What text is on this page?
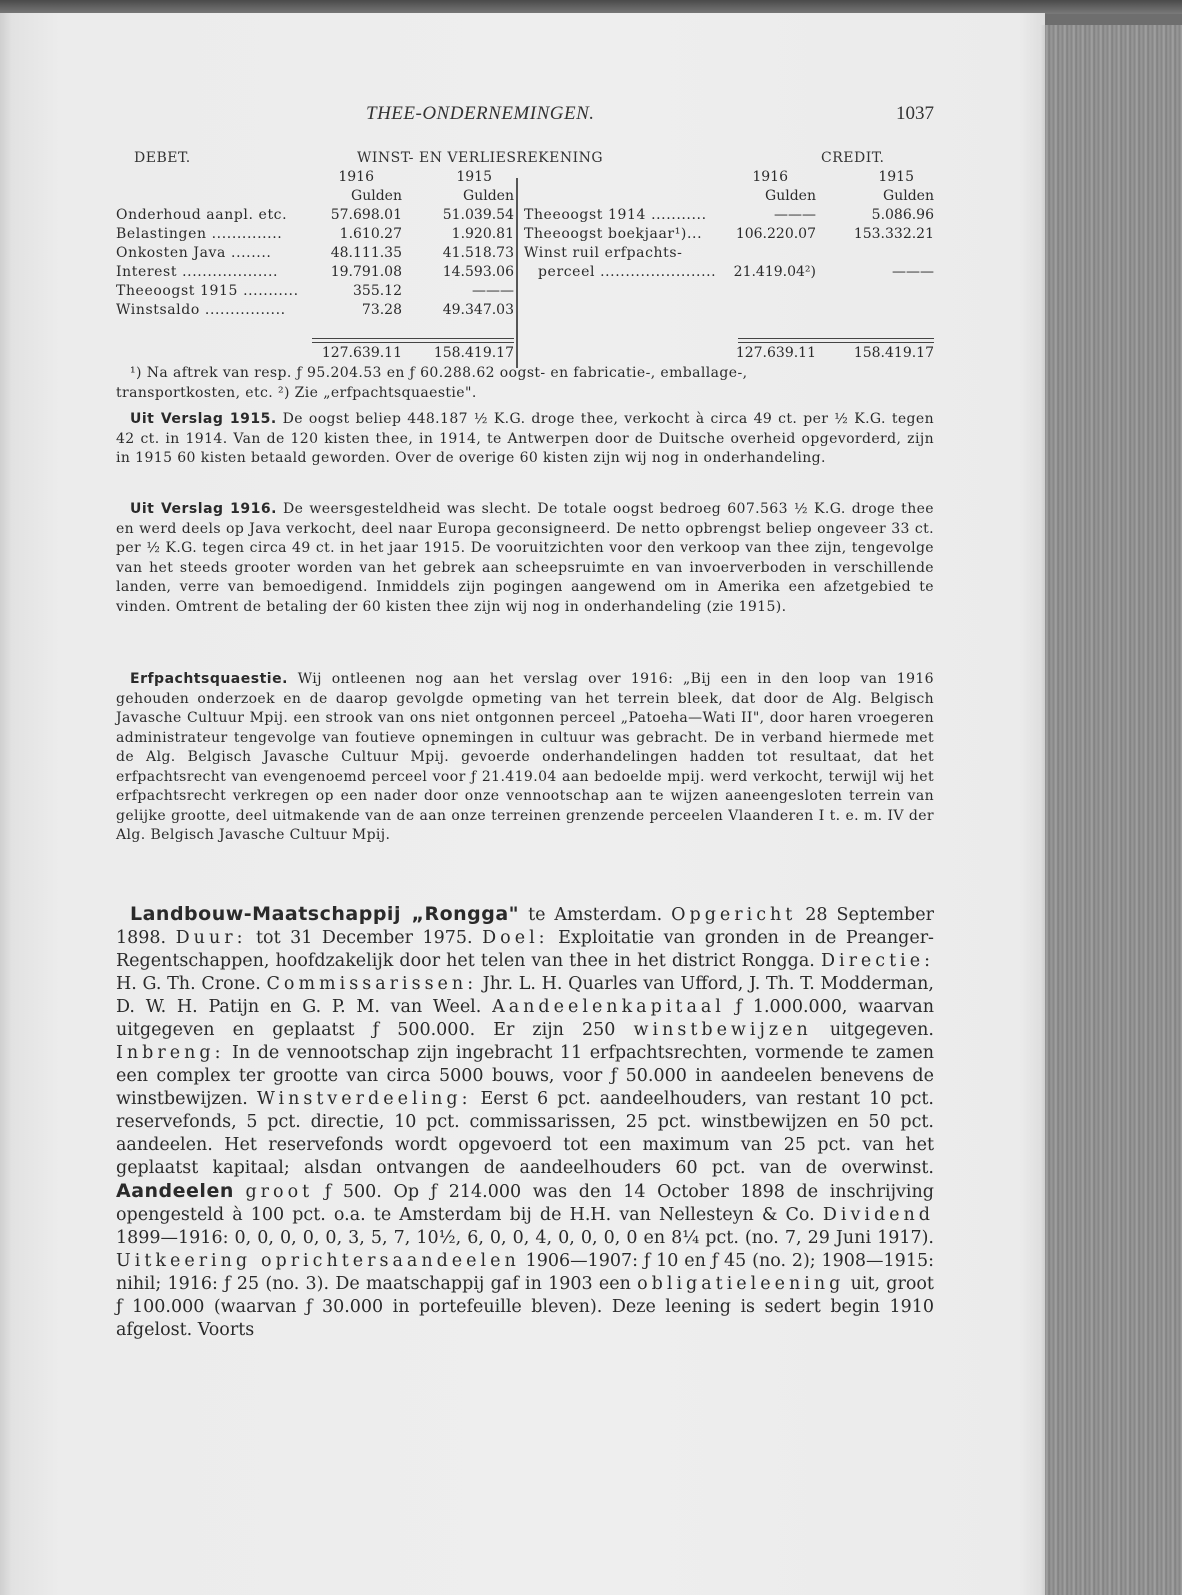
THEE-ONDERNEMINGEN.	1037
DEBET.	WINST- EN VERLIESREKENING	CREDIT.
1916	1915
Gulden	Gulden
Onderhoud aanpl. etc.	57.698.01	51.039.54
Belastingen ..............	1.610.27	1.920.81
Onkosten Java ........	48.111.35	41.518.73
Interest ...................	19.791.08	14.593.06
Theeoogst 1915 ...........	355.12	———
Winstsaldo ................	73.28	49.347.03
127.639.11 158.419.17
1916	1915
Gulden	Gulden
Theeoogst 1914 ...........	———	5.086.96
Theeoogst boekjaar¹)... 106.220.07	153.332.21
Winst ruil erfpachts-
perceel ....................... 21.419.04²)	———
127.639.11	158.419.17
¹) Na aftrek van resp. ƒ 95.204.53 en ƒ 60.288.62 oogst- en fabricatie-, emballage-,
transportkosten, etc. ²) Zie „erfpachtsquaestie".
Uit Verslag 1915. De oogst beliep 448.187 ½ K.G. droge thee, verkocht à circa 49 ct. per ½ K.G. tegen 42 ct. in 1914. Van de 120 kisten thee, in 1914, te Antwerpen door de Duitsche overheid opgevorderd, zijn in 1915 60 kisten betaald geworden. Over de overige 60 kisten zijn wij nog in onderhandeling.
Uit Verslag 1916. De weersgesteldheid was slecht. De totale oogst bedroeg 607.563 ½ K.G. droge thee en werd deels op Java verkocht, deel naar Europa geconsigneerd. De netto opbrengst beliep ongeveer 33 ct. per ½ K.G. tegen circa 49 ct. in het jaar 1915. De vooruitzichten voor den verkoop van thee zijn, tengevolge van het steeds grooter worden van het gebrek aan scheepsruimte en van invoerverboden in verschillende landen, verre van bemoedigend. Inmiddels zijn pogingen aangewend om in Amerika een afzetgebied te vinden. Omtrent de betaling der 60 kisten thee zijn wij nog in onderhandeling (zie 1915).
Erfpachtsquaestie. Wij ontleenen nog aan het verslag over 1916: „Bij een in den loop van 1916 gehouden onderzoek en de daarop gevolgde opmeting van het terrein bleek, dat door de Alg. Belgisch Javasche Cultuur Mpij. een strook van ons niet ontgonnen perceel „Patoeha—Wati II", door haren vroegeren administrateur tengevolge van foutieve opnemingen in cultuur was gebracht. De in verband hiermede met de Alg. Belgisch Javasche Cultuur Mpij. gevoerde onderhandelingen hadden tot resultaat, dat het erfpachtsrecht van evengenoemd perceel voor ƒ 21.419.04 aan bedoelde mpij. werd verkocht, terwijl wij het erfpachtsrecht verkregen op een nader door onze vennootschap aan te wijzen aaneengesloten terrein van gelijke grootte, deel uitmakende van de aan onze terreinen grenzende perceelen Vlaanderen I t. e. m. IV der Alg. Belgisch Javasche Cultuur Mpij.
Landbouw-Maatschappij „Rongga" te Amsterdam. Opgericht 28 September 1898. Duur: tot 31 December 1975. Doel: Exploitatie van gronden in de Preanger-Regentschappen, hoofdzakelijk door het telen van thee in het district Rongga. Directie: H. G. Th. Crone. Commissarissen: Jhr. L. H. Quarles van Ufford, J. Th. T. Modderman, D. W. H. Patijn en G. P. M. van Weel. Aandeelenkapitaal ƒ 1.000.000, waarvan uitgegeven en geplaatst ƒ 500.000. Er zijn 250 winstbewijzen uitgegeven. Inbreng: In de vennootschap zijn ingebracht 11 erfpachtsrechten, vormende te zamen een complex ter grootte van circa 5000 bouws, voor ƒ 50.000 in aandeelen benevens de winstbewijzen. Winstverdeeling: Eerst 6 pct. aandeelhouders, van restant 10 pct. reservefonds, 5 pct. directie, 10 pct. commissarissen, 25 pct. winstbewijzen en 50 pct. aandeelen. Het reservefonds wordt opgevoerd tot een maximum van 25 pct. van het geplaatst kapitaal; alsdan ontvangen de aandeelhouders 60 pct. van de overwinst. Aandeelen groot ƒ 500. Op ƒ 214.000 was den 14 October 1898 de inschrijving opengesteld à 100 pct. o.a. te Amsterdam bij de H.H. van Nellesteyn & Co. Dividend 1899—1916: 0, 0, 0, 0, 0, 3, 5, 7, 10½, 6, 0, 0, 4, 0, 0, 0, 0 en 8¼ pct. (no. 7, 29 Juni 1917). Uitkeering oprichtersaandeelen 1906—1907: ƒ 10 en ƒ 45 (no. 2); 1908—1915: nihil; 1916: ƒ 25 (no. 3). De maatschappij gaf in 1903 een obligatieleening uit, groot ƒ 100.000 (waarvan ƒ 30.000 in portefeuille bleven). Deze leening is sedert begin 1910 afgelost. Voorts
